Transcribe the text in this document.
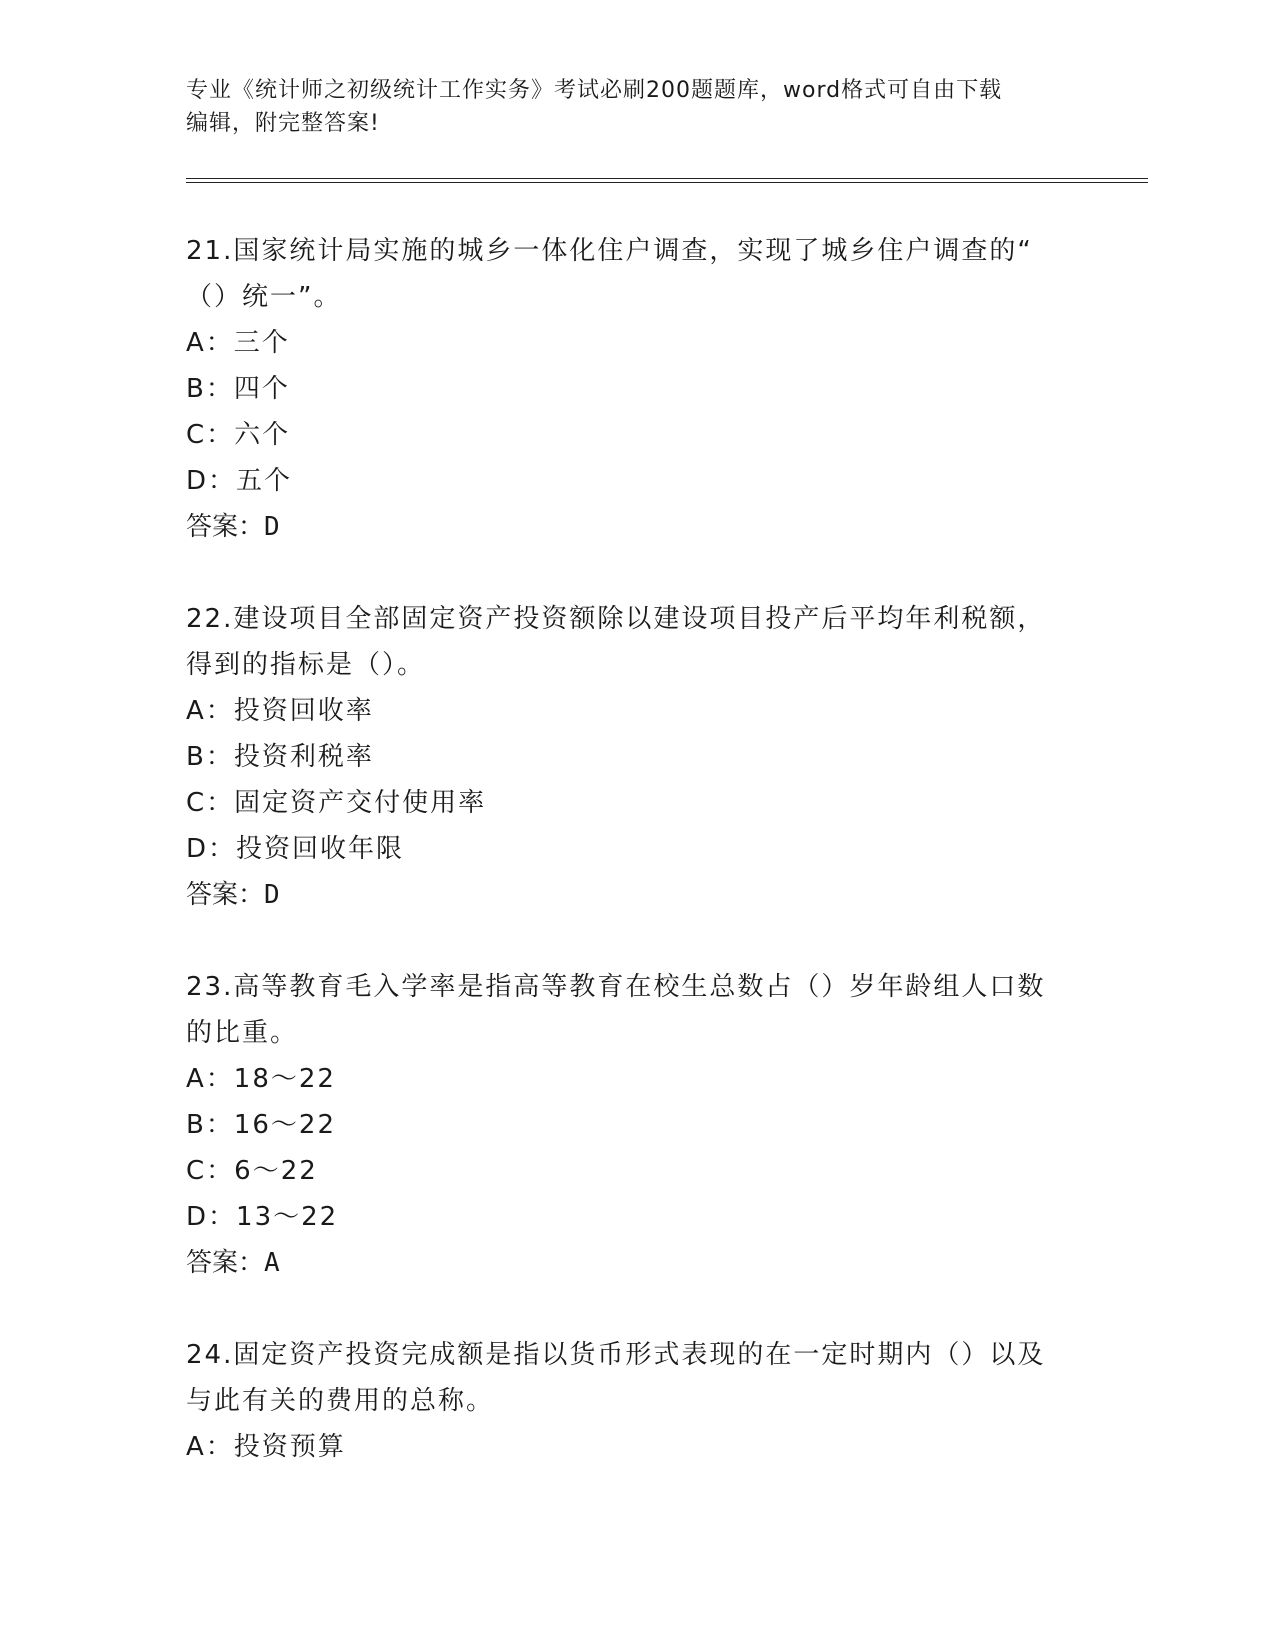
专业《统计师之初级统计工作实务》考试必刷200题题库，word格式可自由下载
编辑，附完整答案!

21.国家统计局实施的城乡一体化住户调查，实现了城乡住户调查的“

（）统一”。

A：三个

B：四个

C：六个

D：五个

答案：D

22.建设项目全部固定资产投资额除以建设项目投产后平均年利税额，

得到的指标是（）。

A：投资回收率

B：投资利税率

C：固定资产交付使用率

D：投资回收年限

答案：D

23.高等教育毛入学率是指高等教育在校生总数占（）岁年龄组人口数

的比重。

A：18～22

B：16～22

C：6～22

D：13～22

答案：A

24.固定资产投资完成额是指以货币形式表现的在一定时期内（）以及

与此有关的费用的总称。

A：投资预算
